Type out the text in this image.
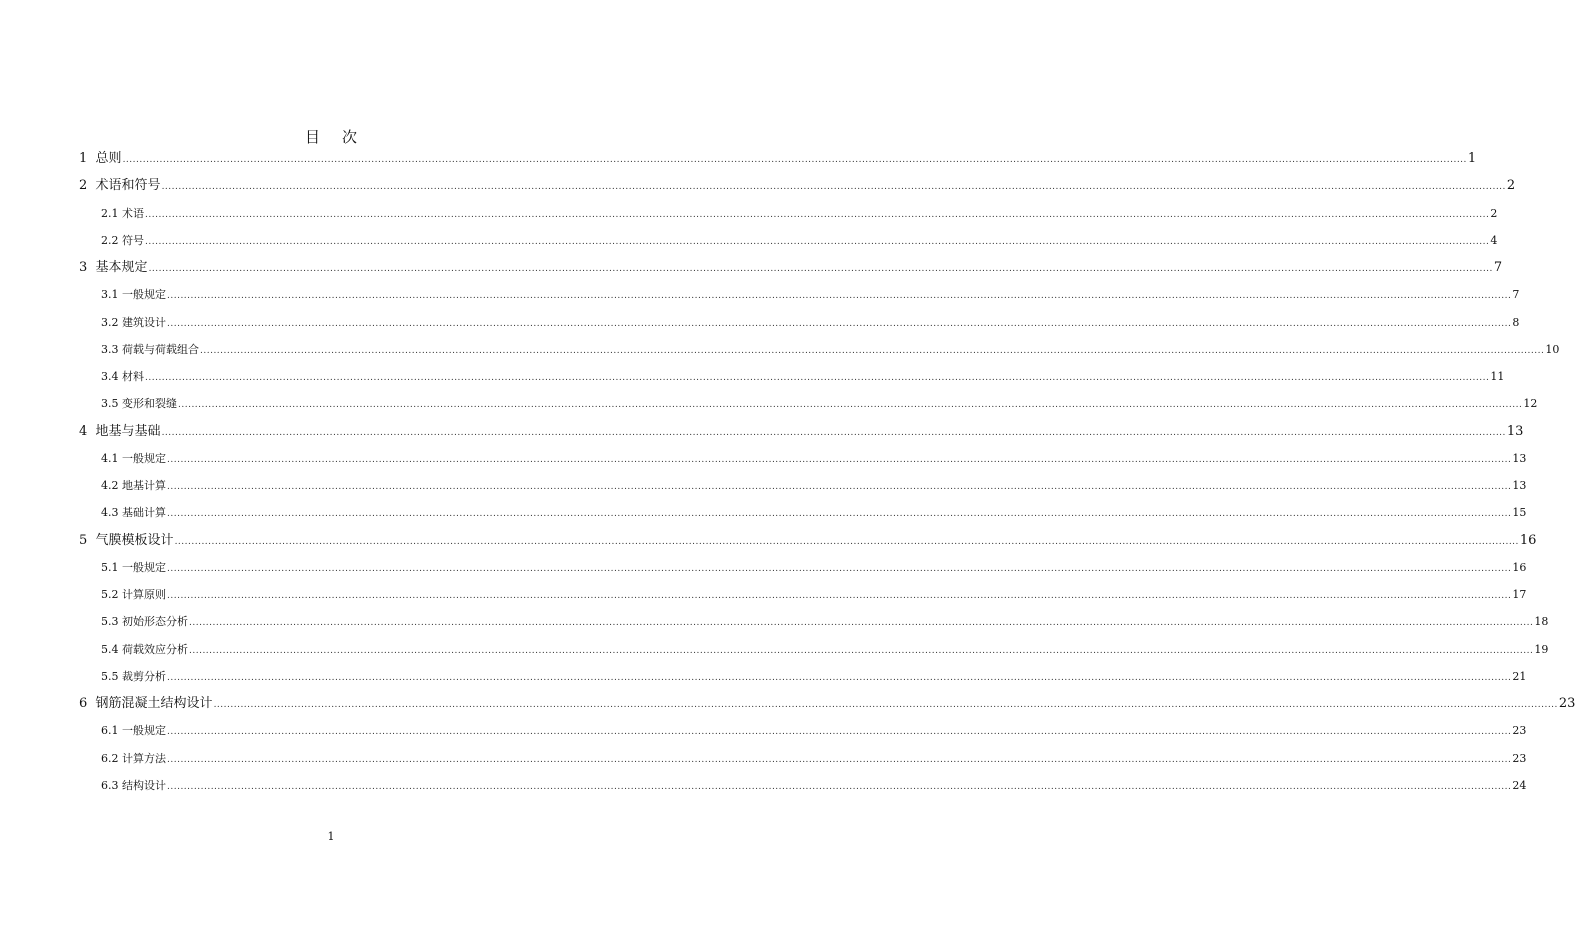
目 次
1
总则 ................................................................................................................................................................................................................................................................................................................................................................................................................ 1
2
术语和符号 ................................................................................................................................................................................................................................................................................................................................................................................................................ 2
2.1
术语 ................................................................................................................................................................................................................................................................................................................................................................................................................ 2
2.2
符号 ................................................................................................................................................................................................................................................................................................................................................................................................................ 4
3
基本规定 ................................................................................................................................................................................................................................................................................................................................................................................................................ 7
3.1
一般规定 ................................................................................................................................................................................................................................................................................................................................................................................................................ 7
3.2
建筑设计 ................................................................................................................................................................................................................................................................................................................................................................................................................ 8
3.3
荷载与荷载组合 ................................................................................................................................................................................................................................................................................................................................................................................................................ 10
3.4
材料 ................................................................................................................................................................................................................................................................................................................................................................................................................ 11
3.5
变形和裂缝 ................................................................................................................................................................................................................................................................................................................................................................................................................ 12
4
地基与基础 ................................................................................................................................................................................................................................................................................................................................................................................................................ 13
4.1
一般规定 ................................................................................................................................................................................................................................................................................................................................................................................................................ 13
4.2
地基计算 ................................................................................................................................................................................................................................................................................................................................................................................................................ 13
4.3
基础计算 ................................................................................................................................................................................................................................................................................................................................................................................................................ 15
5
气膜模板设计 ................................................................................................................................................................................................................................................................................................................................................................................................................ 16
5.1
一般规定 ................................................................................................................................................................................................................................................................................................................................................................................................................ 16
5.2
计算原则 ................................................................................................................................................................................................................................................................................................................................................................................................................ 17
5.3
初始形态分析 ................................................................................................................................................................................................................................................................................................................................................................................................................ 18
5.4
荷载效应分析 ................................................................................................................................................................................................................................................................................................................................................................................................................ 19
5.5
裁剪分析 ................................................................................................................................................................................................................................................................................................................................................................................................................ 21
6
钢筋混凝土结构设计 ................................................................................................................................................................................................................................................................................................................................................................................................................ 23
6.1
一般规定 ................................................................................................................................................................................................................................................................................................................................................................................................................ 23
6.2
计算方法 ................................................................................................................................................................................................................................................................................................................................................................................................................ 23
6.3
结构设计 ................................................................................................................................................................................................................................................................................................................................................................................................................ 24
1
